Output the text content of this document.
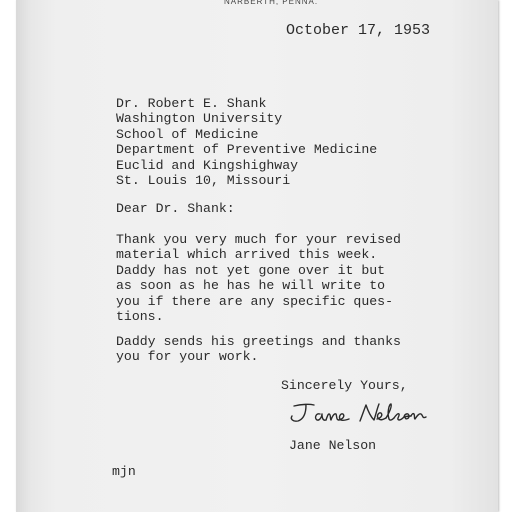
NARBERTH, PENNA.
October 17, 1953
Dr. Robert E. Shank
Washington University
School of Medicine
Department of Preventive Medicine
Euclid and Kingshighway
St. Louis 10, Missouri
Dear Dr. Shank:
Thank you very much for your revised
material which arrived this week.
Daddy has not yet gone over it but
as soon as he has he will write to
you if there are any specific ques-
tions.
Daddy sends his greetings and thanks
you for your work.
Sincerely Yours,
Jane Nelson
mjn
